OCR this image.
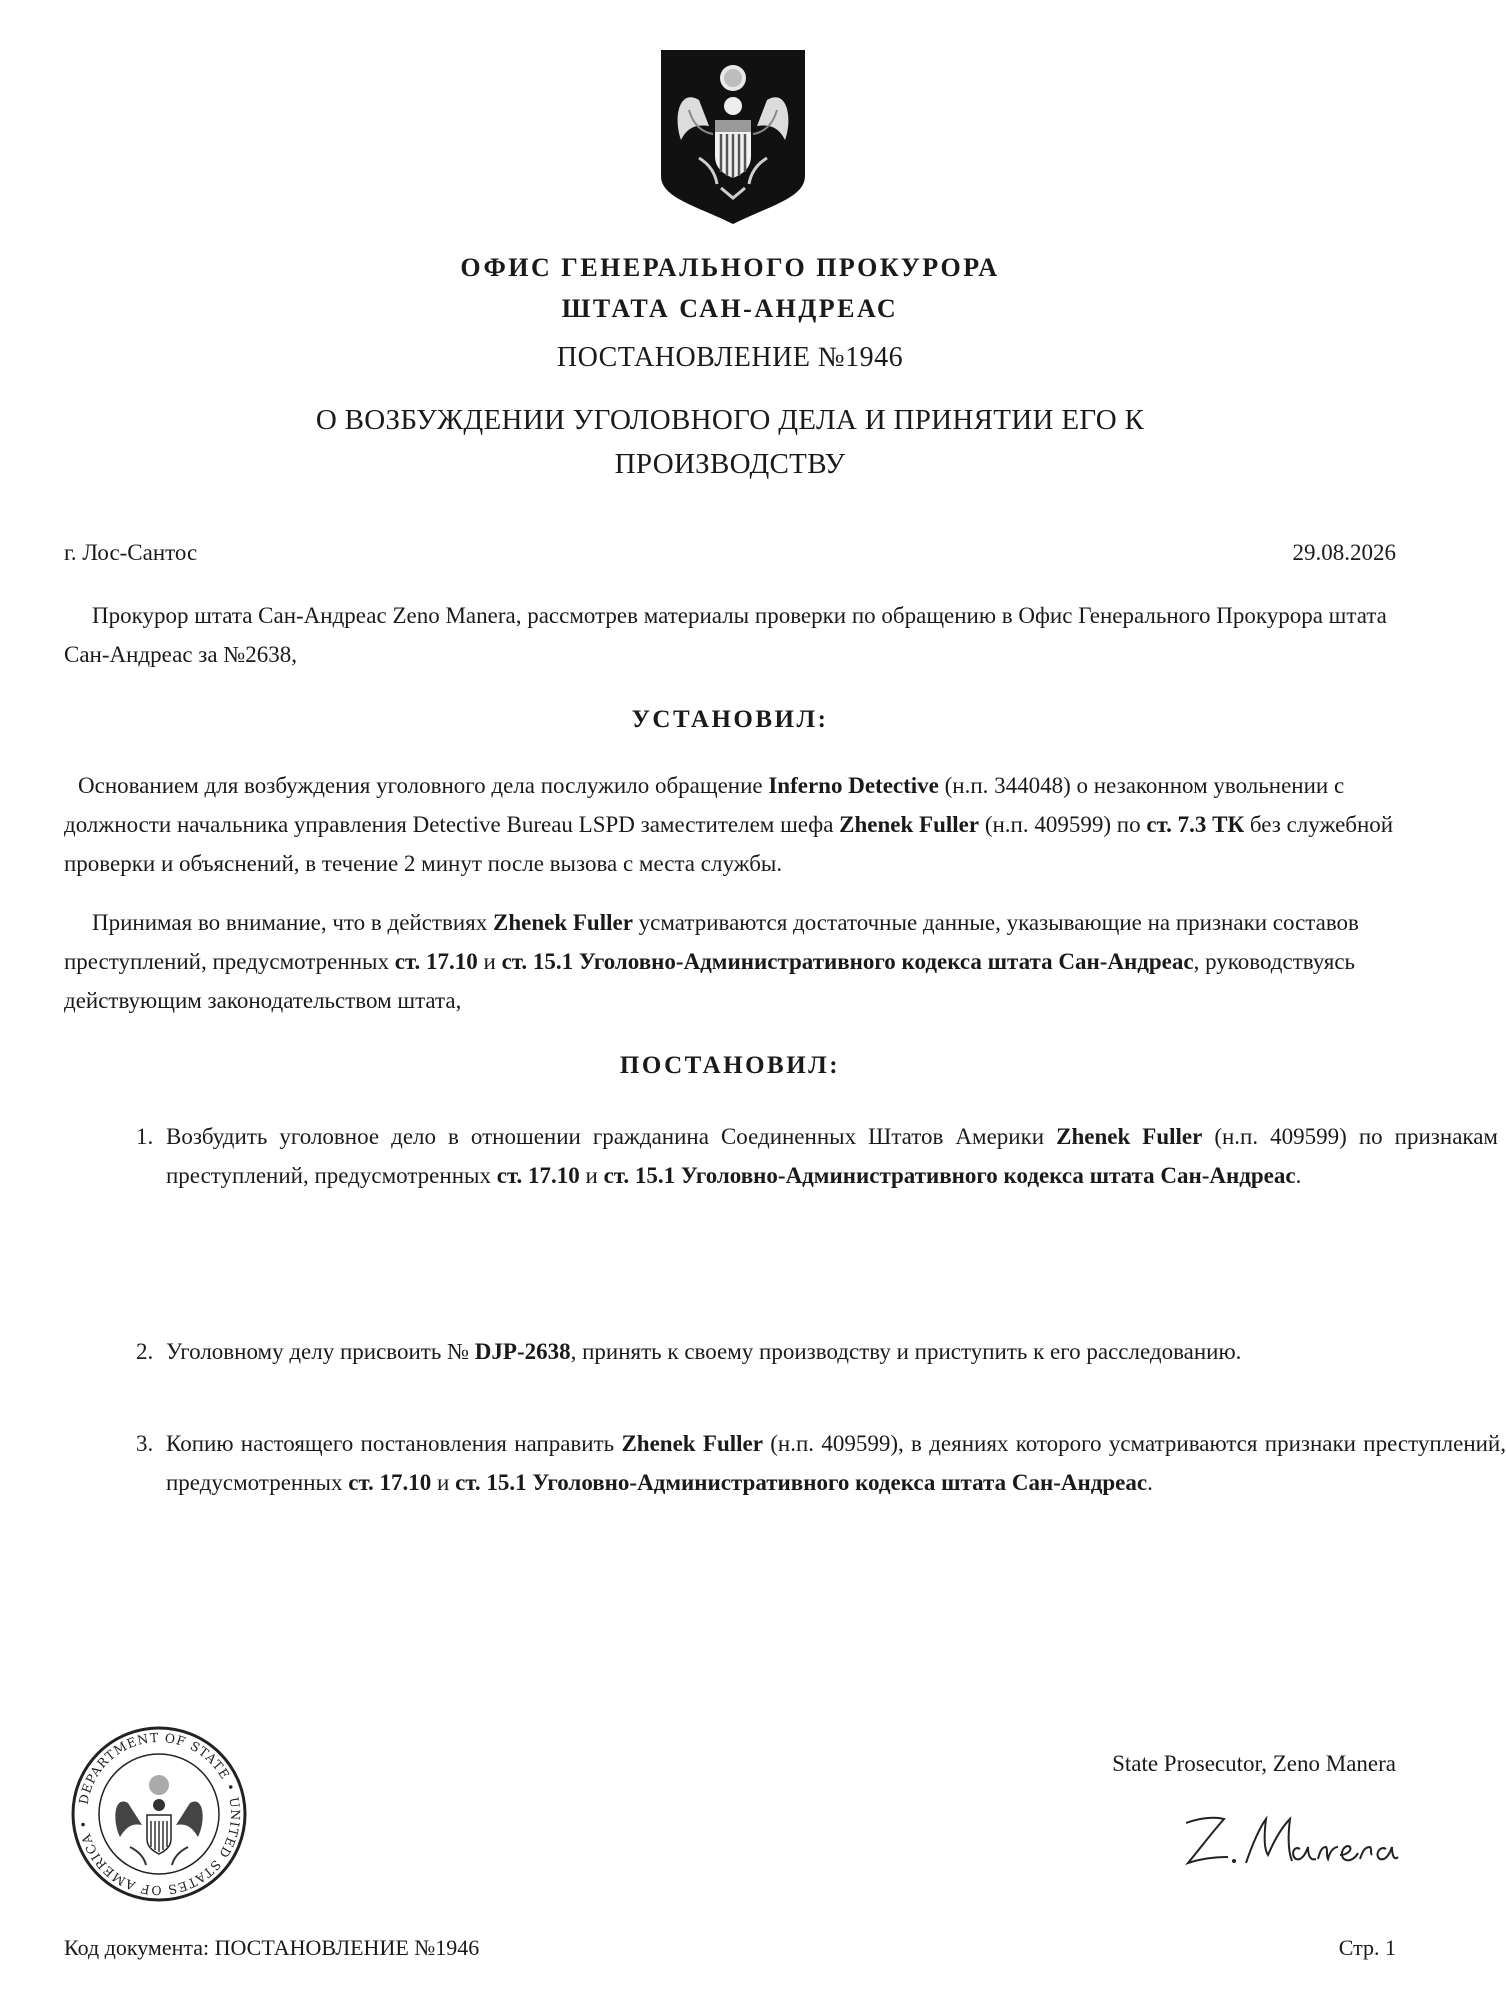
ОФИС ГЕНЕРАЛЬНОГО ПРОКУРОРА
ШТАТА САН-АНДРЕАС
ПОСТАНОВЛЕНИЕ №1946
О ВОЗБУЖДЕНИИ УГОЛОВНОГО ДЕЛА И ПРИНЯТИИ ЕГО К
ПРОИЗВОДСТВУ
г. Лос-Сантос	29.08.2026

Прокурор штата Сан-Андреас Zeno Manera, рассмотрев материалы проверки по обращению в Офис Генерального Прокурора штата Сан-Андреас за №2638,

УСТАНОВИЛ:

Основанием для возбуждения уголовного дела послужило обращение Inferno Detective (н.п. 344048) о незаконном увольнении с должности начальника управления Detective Bureau LSPD заместителем шефа Zhenek Fuller (н.п. 409599) по ст. 7.3 ТК без служебной проверки и объяснений, в течение 2 минут после вызова с места службы.

Принимая во внимание, что в действиях Zhenek Fuller усматриваются достаточные данные, указывающие на признаки составов преступлений, предусмотренных ст. 17.10 и ст. 15.1 Уголовно-Административного кодекса штата Сан-Андреас, руководствуясь действующим законодательством штата,

ПОСТАНОВИЛ:
1. Возбудить уголовное дело в отношении гражданина Соединенных Штатов Америки Zhenek Fuller (н.п. 409599) по признакам преступлений, предусмотренных ст. 17.10 и ст. 15.1 Уголовно-Административного кодекса штата Сан-Андреас.
2. Уголовному делу присвоить № DJP-2638, принять к своему производству и приступить к его расследованию.
3. Копию настоящего постановления направить Zhenek Fuller (н.п. 409599), в деяниях которого усматриваются признаки преступлений, предусмотренных ст. 17.10 и ст. 15.1 Уголовно-Административного кодекса штата Сан-Андреас.
DEPARTMENT OF STATE • UNITED STATES OF AMERICA •
State Prosecutor, Zeno Manera
Код документа: ПОСТАНОВЛЕНИЕ №1946	Стр. 1
